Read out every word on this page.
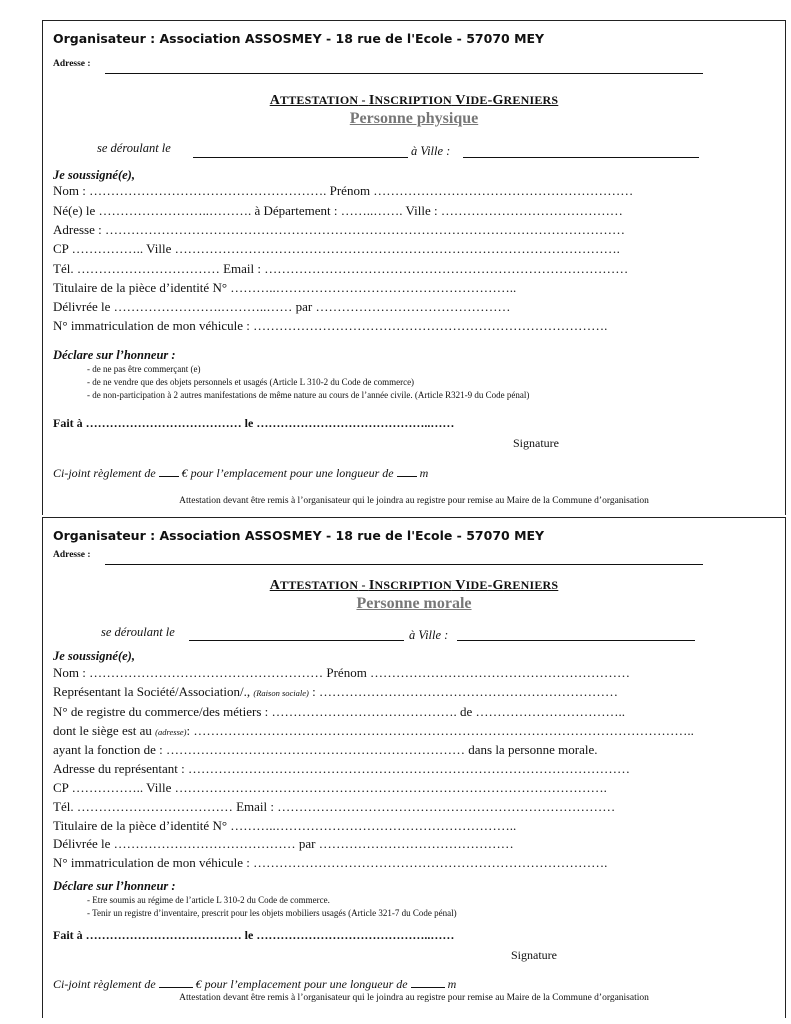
Organisateur : Association ASSOSMEY - 18 rue de l'Ecole - 57070 MEY
Adresse :
ATTESTATION - INSCRIPTION VIDE-GRENIERS
Personne physique
se déroulant le	à Ville :
Je soussigné(e),
Nom : ………………………………………………. Prénom ……………………………………………………
Né(e) le ……………………..………. à Département : ……..……. Ville : ……………………………………
Adresse : …………………………………………………………………………………………………………
CP …………….. Ville ………………………………………………………………………………………….
Tél. …………………………… Email : …………………………………………………………………………
Titulaire de la pièce d’identité N° ………..………………………………………………..
Délivrée le …………………….………..…… par ………………………………………
N° immatriculation de mon véhicule : ……………………………………………………………………….
Déclare sur l’honneur :
- de ne pas être commerçant (e)
- de ne vendre que des objets personnels et usagés (Article L 310-2 du Code de commerce)
- de non-participation à 2 autres manifestations de même nature au cours de l’année civile. (Article R321-9 du Code pénal)
Fait à ………………………………… le ……………………………………..……
Signature
Ci-joint règlement de € pour l’emplacement pour une longueur de m
Attestation devant être remis à l’organisateur qui le joindra au registre pour remise au Maire de la Commune d’organisation
Organisateur : Association ASSOSMEY - 18 rue de l'Ecole - 57070 MEY
Adresse :
ATTESTATION - INSCRIPTION VIDE-GRENIERS
Personne morale
se déroulant le	à Ville :
Je soussigné(e),
Nom : ……………………………………………… Prénom ……………………………………………………
Représentant la Société/Association/., (Raison sociale) : ……………………………………………………………
N° de registre du commerce/des métiers : ……………………………………. de ……………………………..
dont le siège est au (adresse): ……………………………………………………………………………………………………..
ayant la fonction de : …………………………………………………………… dans la personne morale.
Adresse du représentant : …………………………………………………………………………………………
CP …………….. Ville ……………………………………………………………………………………….
Tél. ……………………………… Email : ……………………………………………………………………
Titulaire de la pièce d’identité N° ………..………………………………………………..
Délivrée le …………………………………… par ………………………………………
N° immatriculation de mon véhicule : ……………………………………………………………………….
Déclare sur l’honneur :
- Etre soumis au régime de l’article L 310-2 du Code de commerce.
- Tenir un registre d’inventaire, prescrit pour les objets mobiliers usagés (Article 321-7 du Code pénal)
Fait à ………………………………… le ……………………………………..……
Signature
Ci-joint règlement de	€ pour l’emplacement pour une longueur de	m
Attestation devant être remis à l’organisateur qui le joindra au registre pour remise au Maire de la Commune d’organisation
